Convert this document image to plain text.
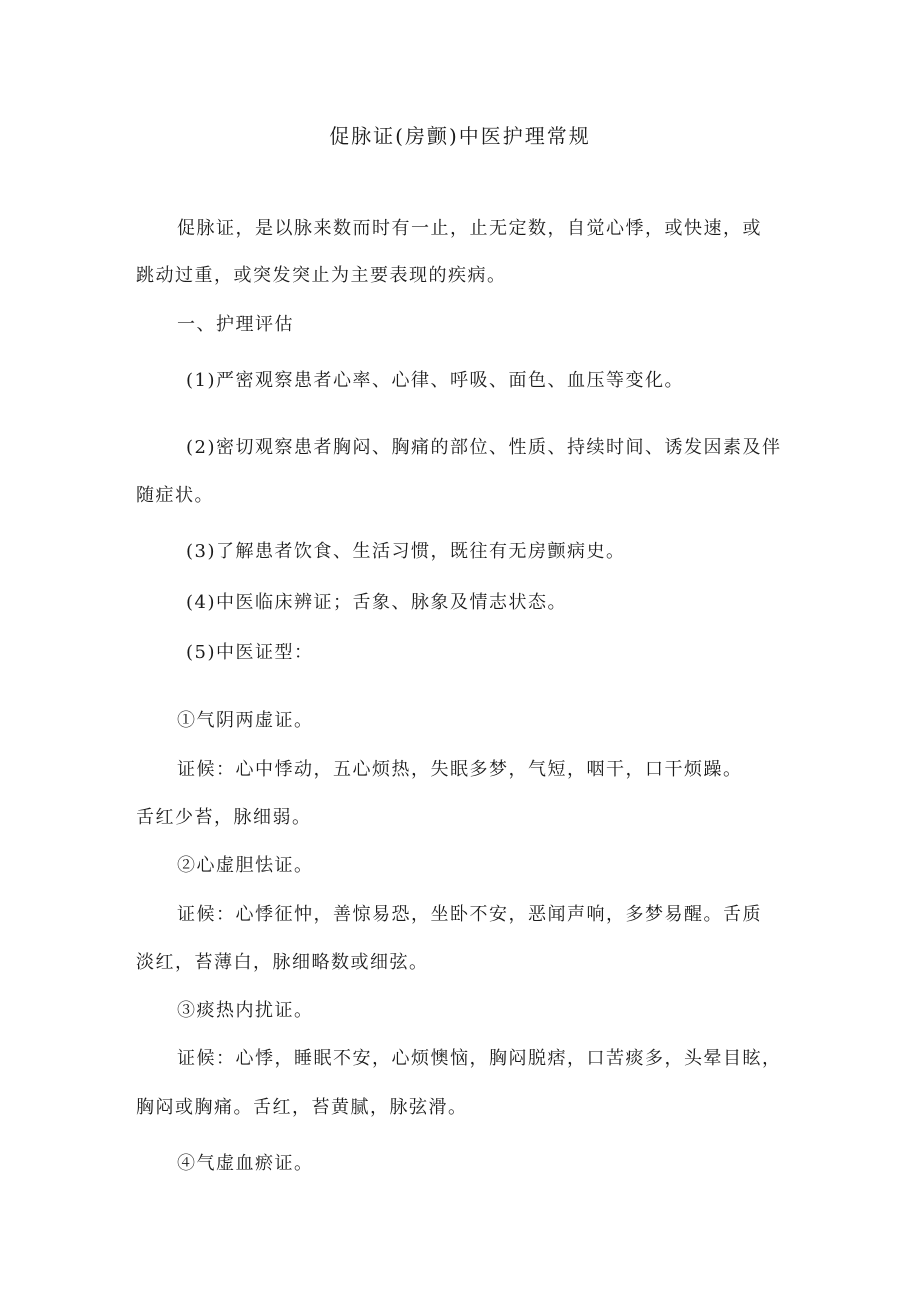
促脉证(房颤)中医护理常规
促脉证，是以脉来数而时有一止，止无定数，自觉心悸，或快速，或
跳动过重，或突发突止为主要表现的疾病。
一、护理评估
(1)严密观察患者心率、心律、呼吸、面色、血压等变化。
(2)密切观察患者胸闷、胸痛的部位、性质、持续时间、诱发因素及伴
随症状。
(3)了解患者饮食、生活习惯，既往有无房颤病史。
(4)中医临床辨证；舌象、脉象及情志状态。
(5)中医证型：
①气阴两虚证。
证候：心中悸动，五心烦热，失眠多梦，气短，咽干，口干烦躁。
舌红少苔，脉细弱。
②心虚胆怯证。
证候：心悸征忡，善惊易恐，坐卧不安，恶闻声响，多梦易醒。舌质
淡红，苔薄白，脉细略数或细弦。
③痰热内扰证。
证候：心悸，睡眠不安，心烦懊恼，胸闷脱痞，口苦痰多，头晕目眩，
胸闷或胸痛。舌红，苔黄腻，脉弦滑。
④气虚血瘀证。
